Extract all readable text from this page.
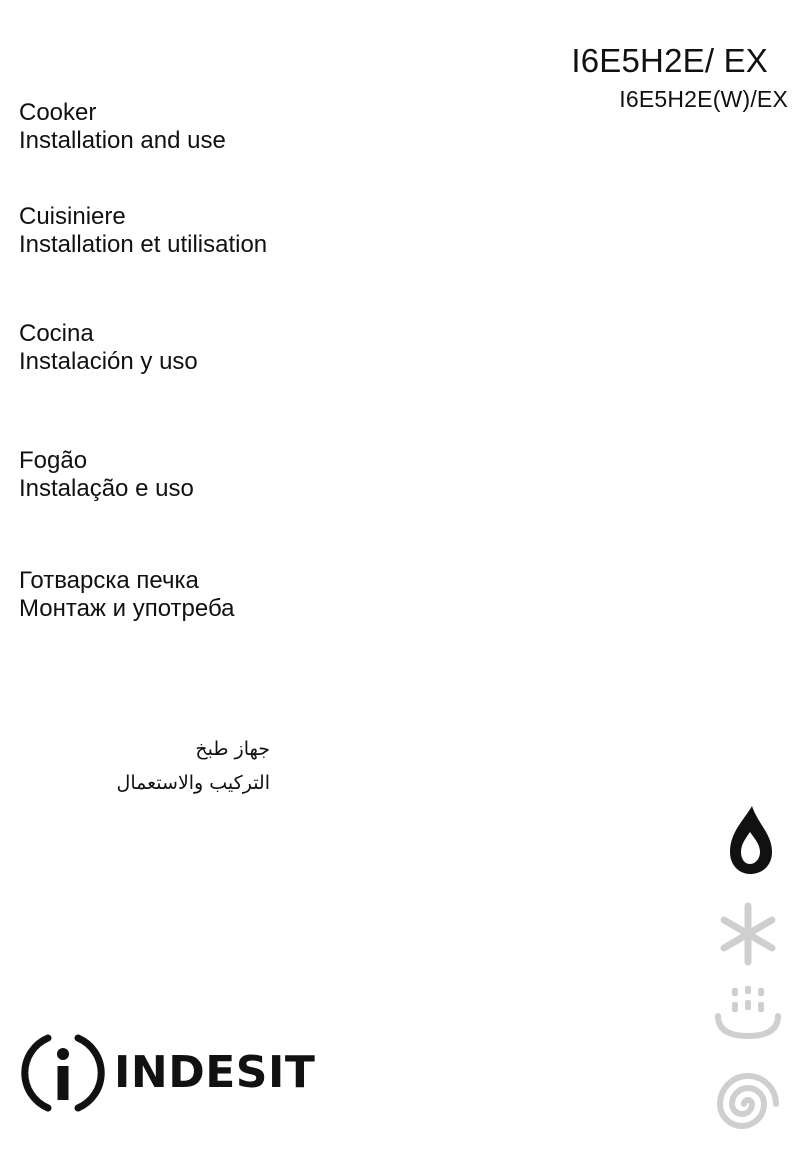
I6E5H2E/ EX
I6E5H2E(W)/EX
Cooker
Installation and use
Cuisiniere
Installation et utilisation
Cocina
Instalación y uso
Fogão
Instalação e uso
Готварска печка
Монтаж и употреба
جهاز طبخ
التركيب والاستعمال
INDESIT
